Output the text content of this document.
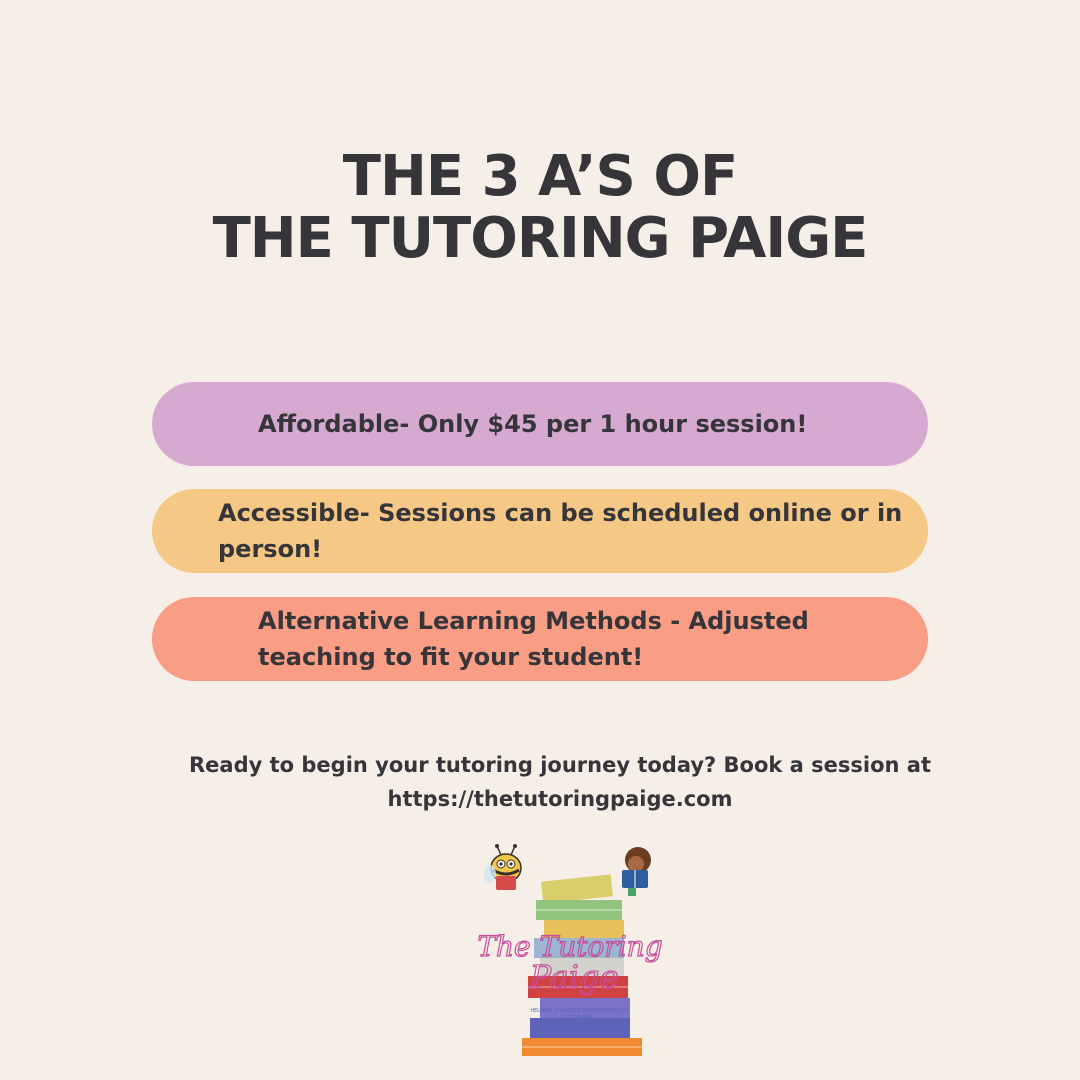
THE 3 A’S OF
THE TUTORING PAIGE
Affordable- Only $45 per 1 hour session!
Accessible- Sessions can be scheduled online or in person!
Alternative Learning Methods - Adjusted teaching to fit your student!
Ready to begin your tutoring journey today? Book a session at
https://thetutoringpaige.com
The Tutoring
Paige
HELPING STUDENTS REACH THEIR FULL
POTENTIAL
